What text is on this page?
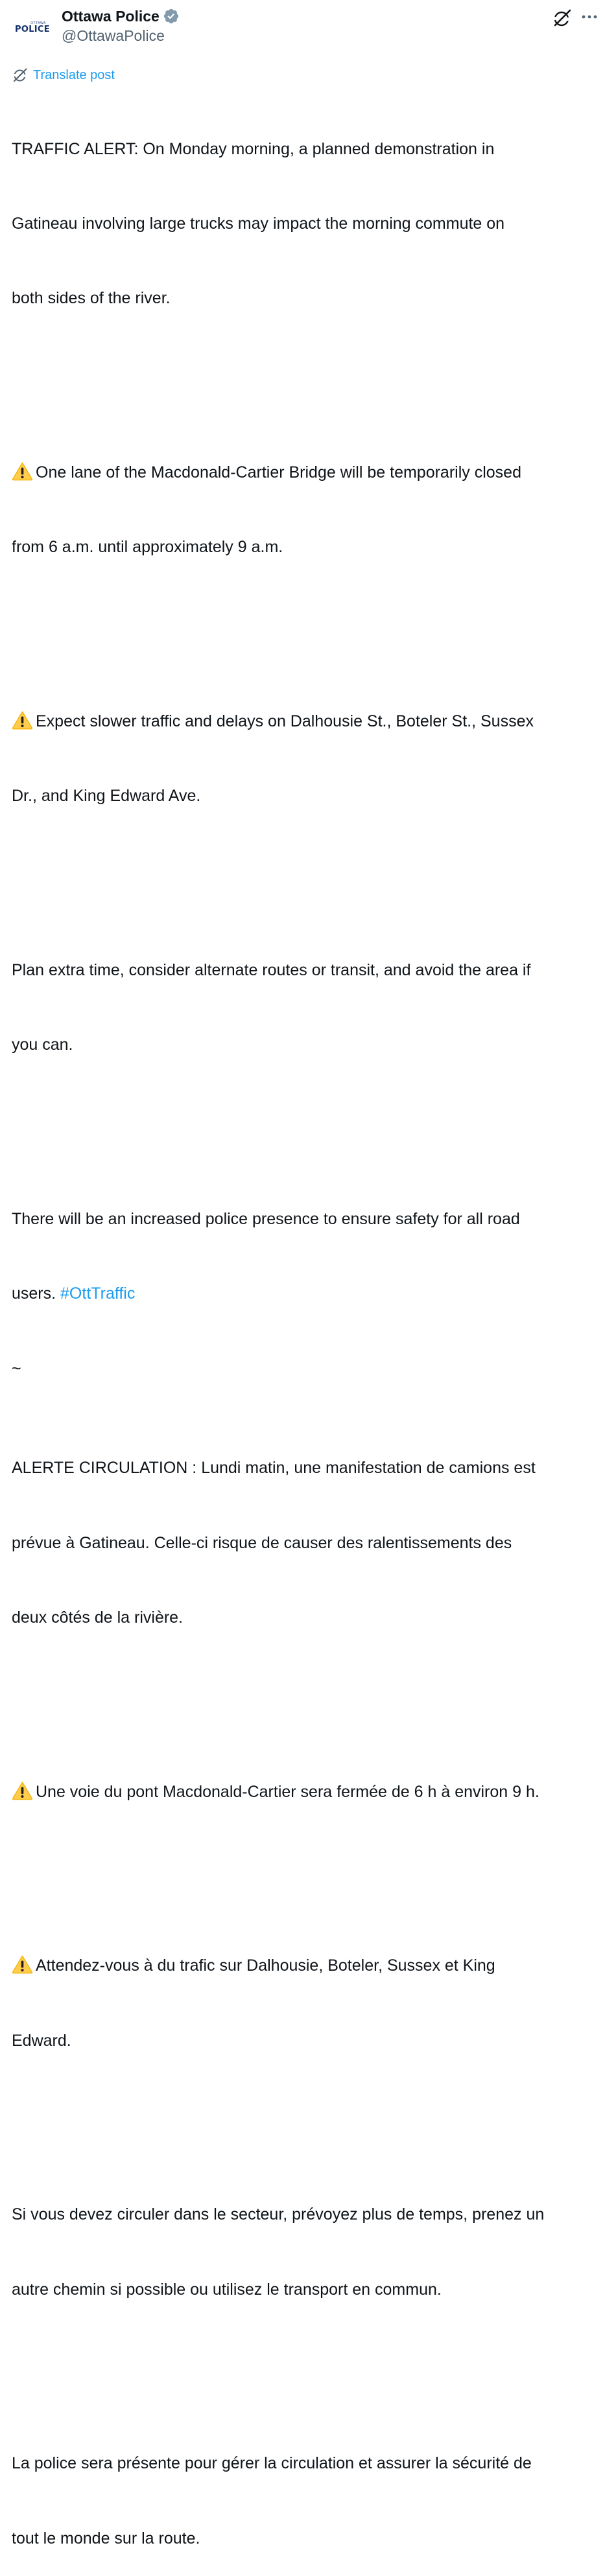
OTTAWA
POLICE
Ottawa Police
@OttawaPolice
Translate post

TRAFFIC ALERT: On Monday morning, a planned demonstration in

Gatineau involving large trucks may impact the morning commute on

both sides of the river.

One lane of the Macdonald-Cartier Bridge will be temporarily closed

from 6 a.m. until approximately 9 a.m.

Expect slower traffic and delays on Dalhousie St., Boteler St., Sussex

Dr., and King Edward Ave.

Plan extra time, consider alternate routes or transit, and avoid the area if

you can.

There will be an increased police presence to ensure safety for all road

users. #OttTraffic

~

ALERTE CIRCULATION : Lundi matin, une manifestation de camions est

prévue à Gatineau. Celle-ci risque de causer des ralentissements des

deux côtés de la rivière.

Une voie du pont Macdonald-Cartier sera fermée de 6 h à environ 9 h.

Attendez-vous à du trafic sur Dalhousie, Boteler, Sussex et King

Edward.

Si vous devez circuler dans le secteur, prévoyez plus de temps, prenez un

autre chemin si possible ou utilisez le transport en commun.

La police sera présente pour gérer la circulation et assurer la sécurité de

tout le monde sur la route.
